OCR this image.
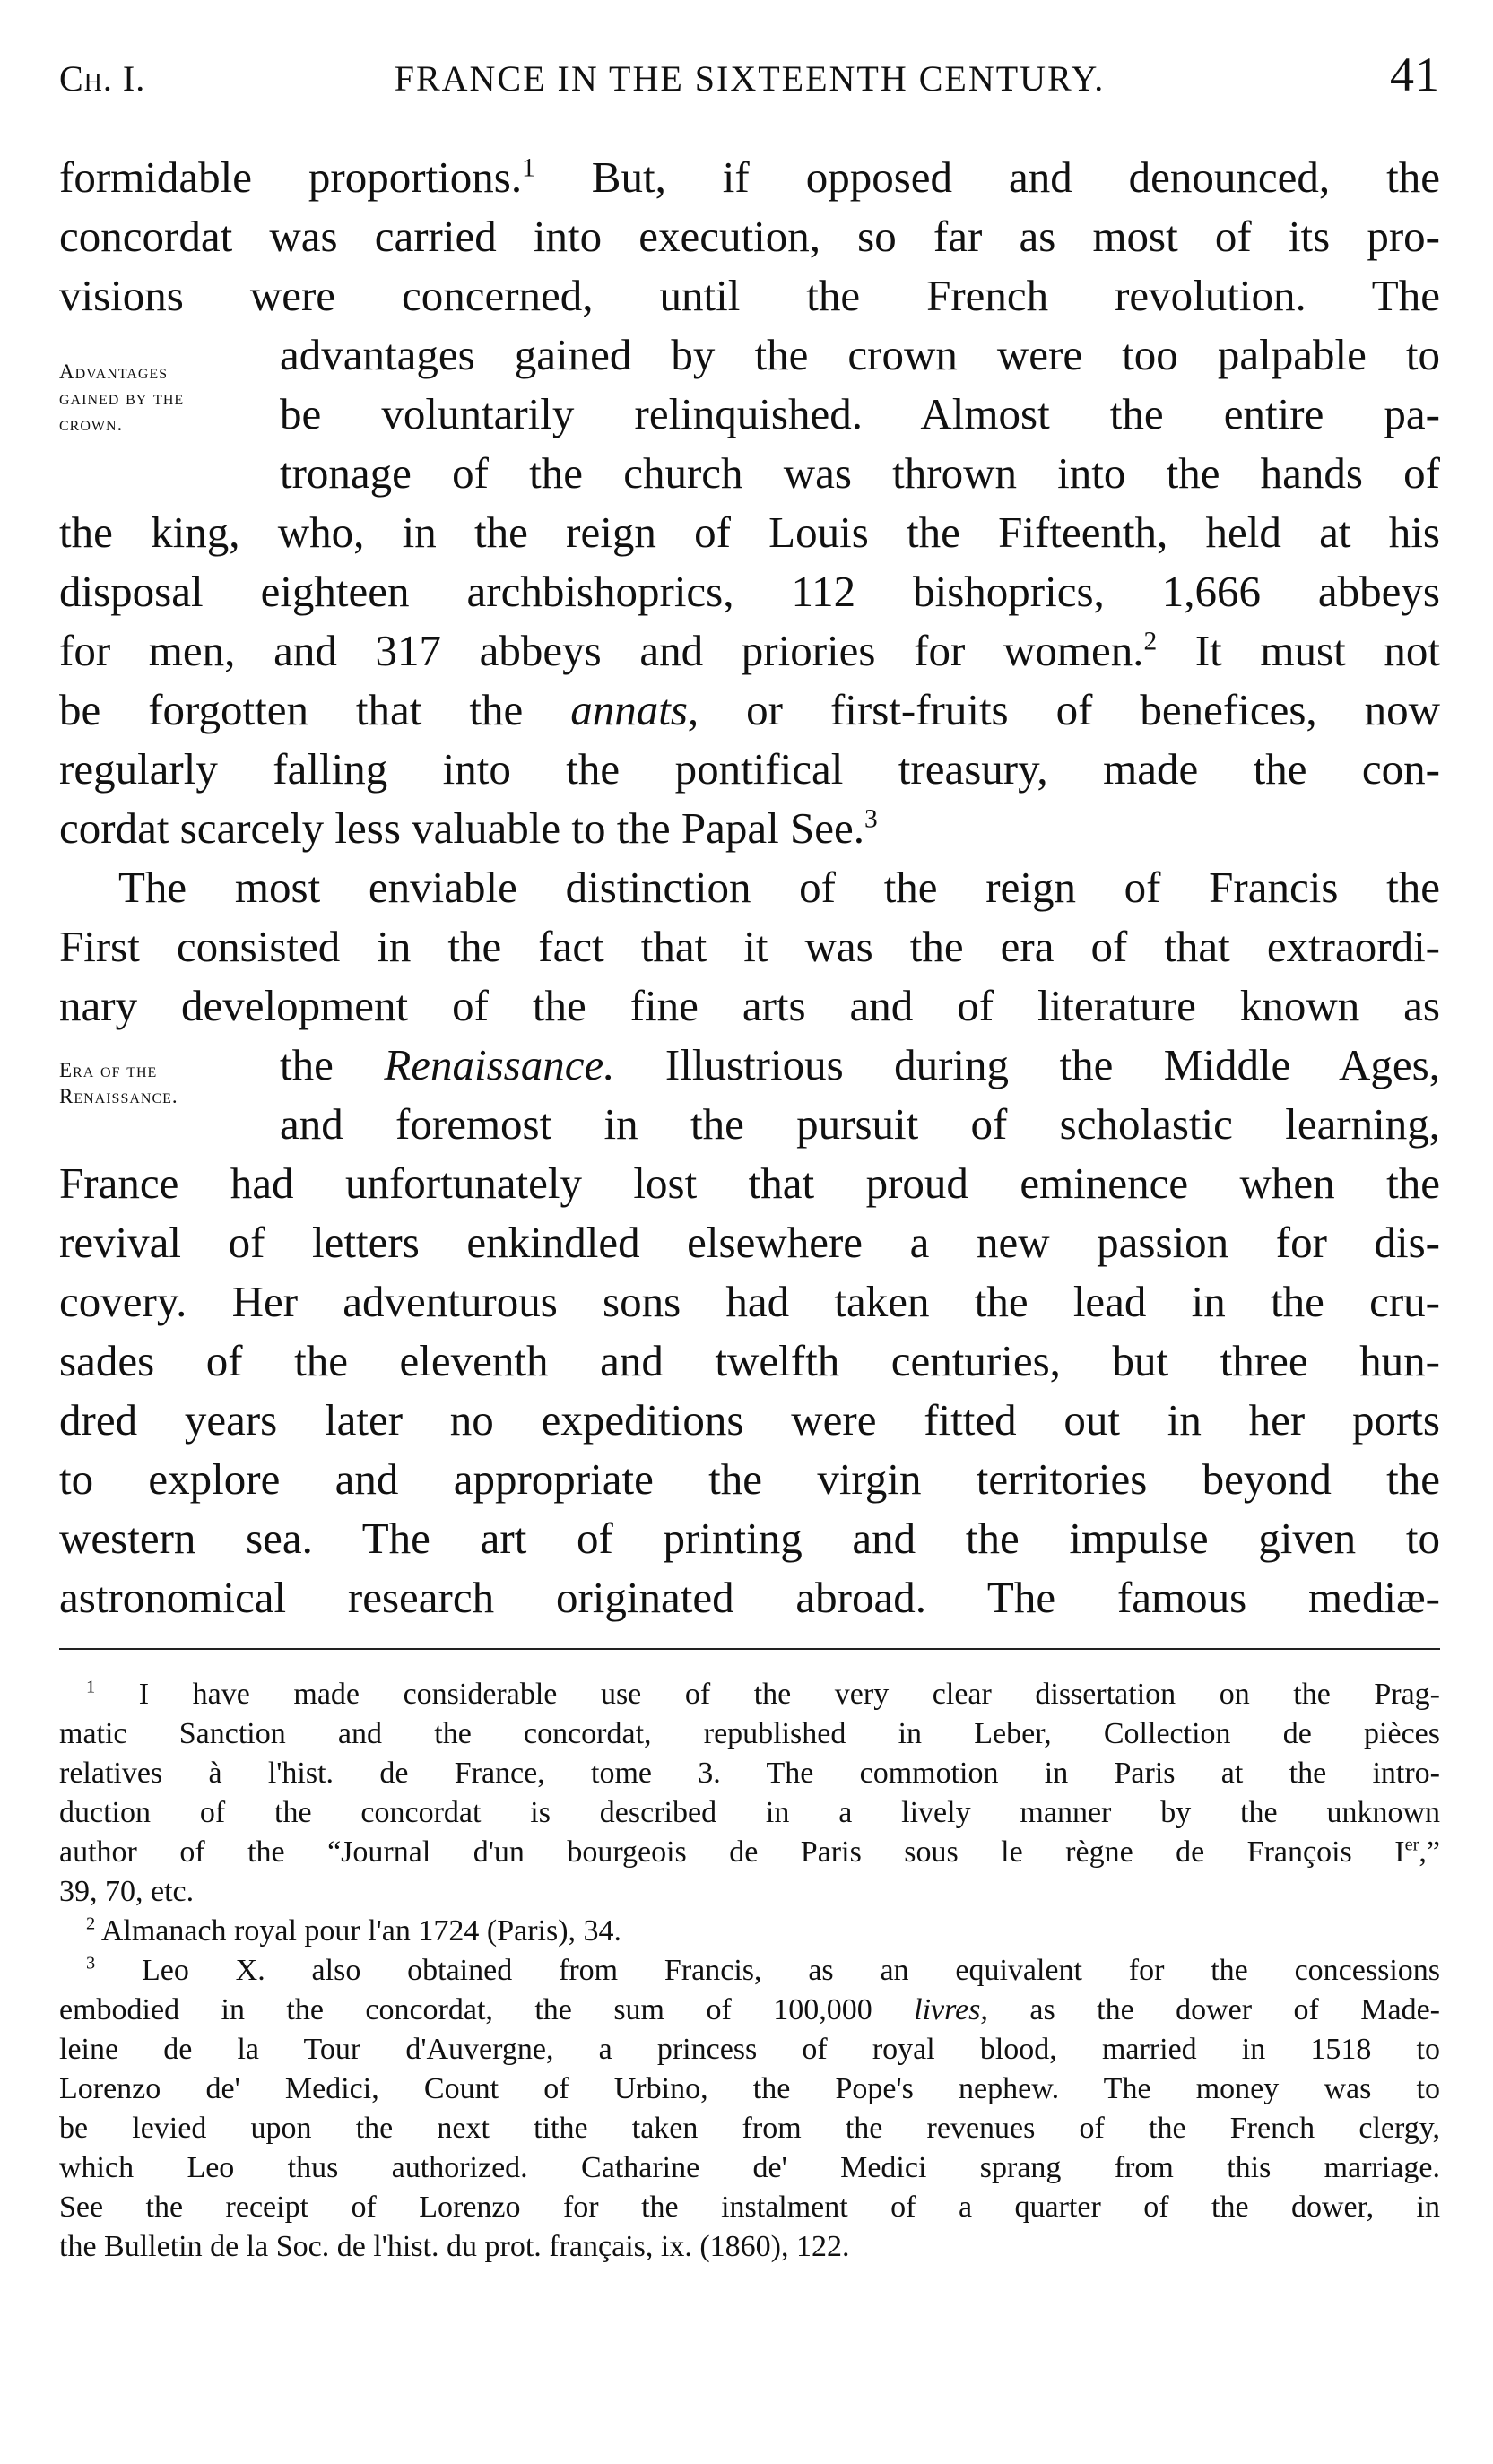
Ch. I.	FRANCE IN THE SIXTEENTH CENTURY.	41
Advantages
gained by the
crown.
Era of the
Renaissance.
formidable proportions.$^1$ But, if opposed and denounced, the
concordat was carried into execution, so far as most of its pro-
visions were concerned, until the French revolution. The
advantages gained by the crown were too palpable to
be voluntarily relinquished. Almost the entire pa-
tronage of the church was thrown into the hands of
the king, who, in the reign of Louis the Fifteenth, held at his
disposal eighteen archbishoprics, 112 bishoprics, 1,666 abbeys
for men, and 317 abbeys and priories for women.$^2$ It must not
be forgotten that the annats, or first-fruits of benefices, now
regularly falling into the pontifical treasury, made the con-
cordat scarcely less valuable to the Papal See.$^3$
The most enviable distinction of the reign of Francis the
First consisted in the fact that it was the era of that extraordi-
nary development of the fine arts and of literature known as
the Renaissance. Illustrious during the Middle Ages,
and foremost in the pursuit of scholastic learning,
France had unfortunately lost that proud eminence when the
revival of letters enkindled elsewhere a new passion for dis-
covery. Her adventurous sons had taken the lead in the cru-
sades of the eleventh and twelfth centuries, but three hun-
dred years later no expeditions were fitted out in her ports
to explore and appropriate the virgin territories beyond the
western sea. The art of printing and the impulse given to
astronomical research originated abroad. The famous mediæ-
$^1$ I have made considerable use of the very clear dissertation on the Prag-
matic Sanction and the concordat, republished in Leber, Collection de pièces
relatives à l'hist. de France, tome 3. The commotion in Paris at the intro-
duction of the concordat is described in a lively manner by the unknown
author of the “Journal d'un bourgeois de Paris sous le règne de François Ier,”
39, 70, etc.
$^2$ Almanach royal pour l'an 1724 (Paris), 34.
$^3$ Leo X. also obtained from Francis, as an equivalent for the concessions
embodied in the concordat, the sum of 100,000 livres, as the dower of Made-
leine de la Tour d'Auvergne, a princess of royal blood, married in 1518 to
Lorenzo de' Medici, Count of Urbino, the Pope's nephew. The money was to
be levied upon the next tithe taken from the revenues of the French clergy,
which Leo thus authorized. Catharine de' Medici sprang from this marriage.
See the receipt of Lorenzo for the instalment of a quarter of the dower, in
the Bulletin de la Soc. de l'hist. du prot. français, ix. (1860), 122.
